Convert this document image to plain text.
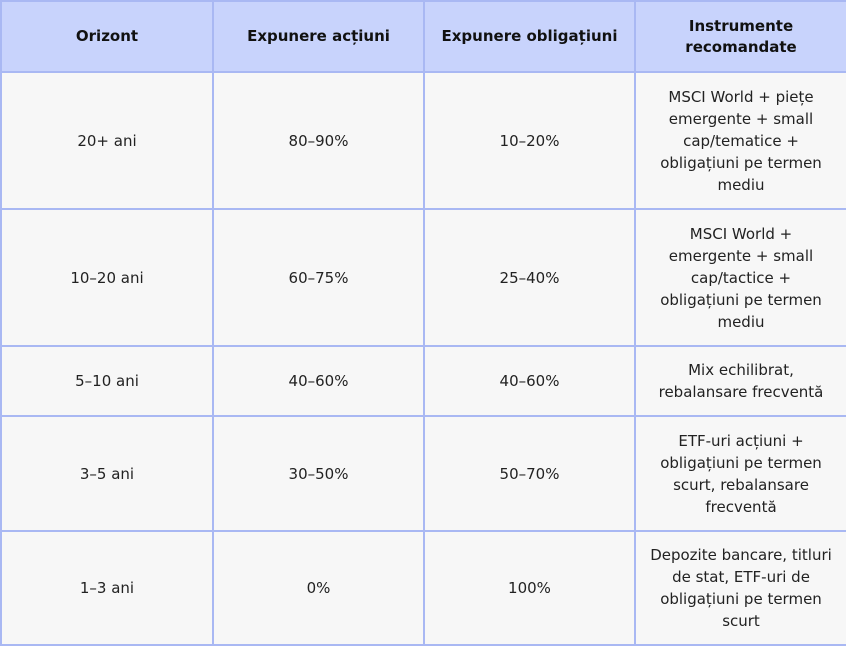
Orizont	Expunere acțiuni	Expunere obligațiuni	Instrumente recomandate
20+ ani	80–90%	10–20%	MSCI World + piețe emergente + small cap/tematice + obligațiuni pe termen mediu
10–20 ani	60–75%	25–40%	MSCI World + emergente + small cap/tactice + obligațiuni pe termen mediu
5–10 ani	40–60%	40–60%	Mix echilibrat, rebalansare frecventă
3–5 ani	30–50%	50–70%	ETF-uri acțiuni + obligațiuni pe termen scurt, rebalansare frecventă
1–3 ani	0%	100%	Depozite bancare, titluri de stat, ETF-uri de obligațiuni pe termen scurt
